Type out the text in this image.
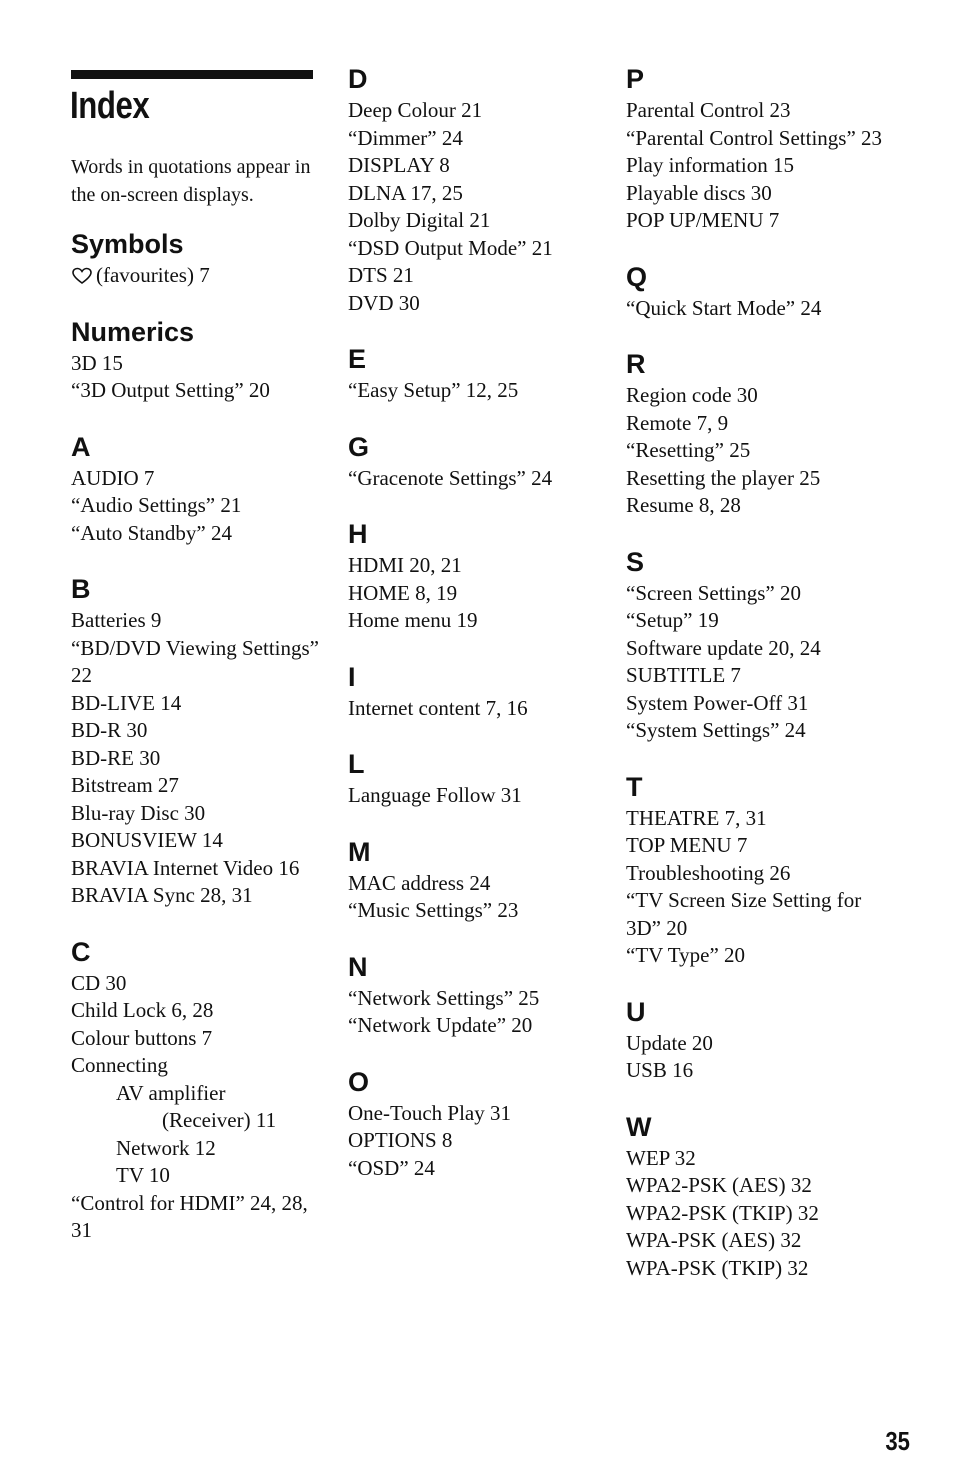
Index

Words in quotations appear in the on-screen displays.

Symbols
(favourites) 7
Numerics
3D 15
“3D Output Setting” 20
A
AUDIO 7
“Audio Settings” 21
“Auto Standby” 24
B
Batteries 9
“BD/DVD Viewing Settings” 22
BD-LIVE 14
BD-R 30
BD-RE 30
Bitstream 27
Blu-ray Disc 30
BONUSVIEW 14
BRAVIA Internet Video 16
BRAVIA Sync 28, 31
C
CD 30
Child Lock 6, 28
Colour buttons 7
Connecting
AV amplifier
(Receiver) 11
Network 12
TV 10
“Control for HDMI” 24, 28, 31
D
Deep Colour 21
“Dimmer” 24
DISPLAY 8
DLNA 17, 25
Dolby Digital 21
“DSD Output Mode” 21
DTS 21
DVD 30
E
“Easy Setup” 12, 25
G
“Gracenote Settings” 24
H
HDMI 20, 21
HOME 8, 19
Home menu 19
I
Internet content 7, 16
L
Language Follow 31
M
MAC address 24
“Music Settings” 23
N
“Network Settings” 25
“Network Update” 20
O
One-Touch Play 31
OPTIONS 8
“OSD” 24
P
Parental Control 23
“Parental Control Settings” 23
Play information 15
Playable discs 30
POP UP/MENU 7
Q
“Quick Start Mode” 24
R
Region code 30
Remote 7, 9
“Resetting” 25
Resetting the player 25
Resume 8, 28
S
“Screen Settings” 20
“Setup” 19
Software update 20, 24
SUBTITLE 7
System Power-Off 31
“System Settings” 24
T
THEATRE 7, 31
TOP MENU 7
Troubleshooting 26
“TV Screen Size Setting for 3D” 20
“TV Type” 20
U
Update 20
USB 16
W
WEP 32
WPA2-PSK (AES) 32
WPA2-PSK (TKIP) 32
WPA-PSK (AES) 32
WPA-PSK (TKIP) 32
35
